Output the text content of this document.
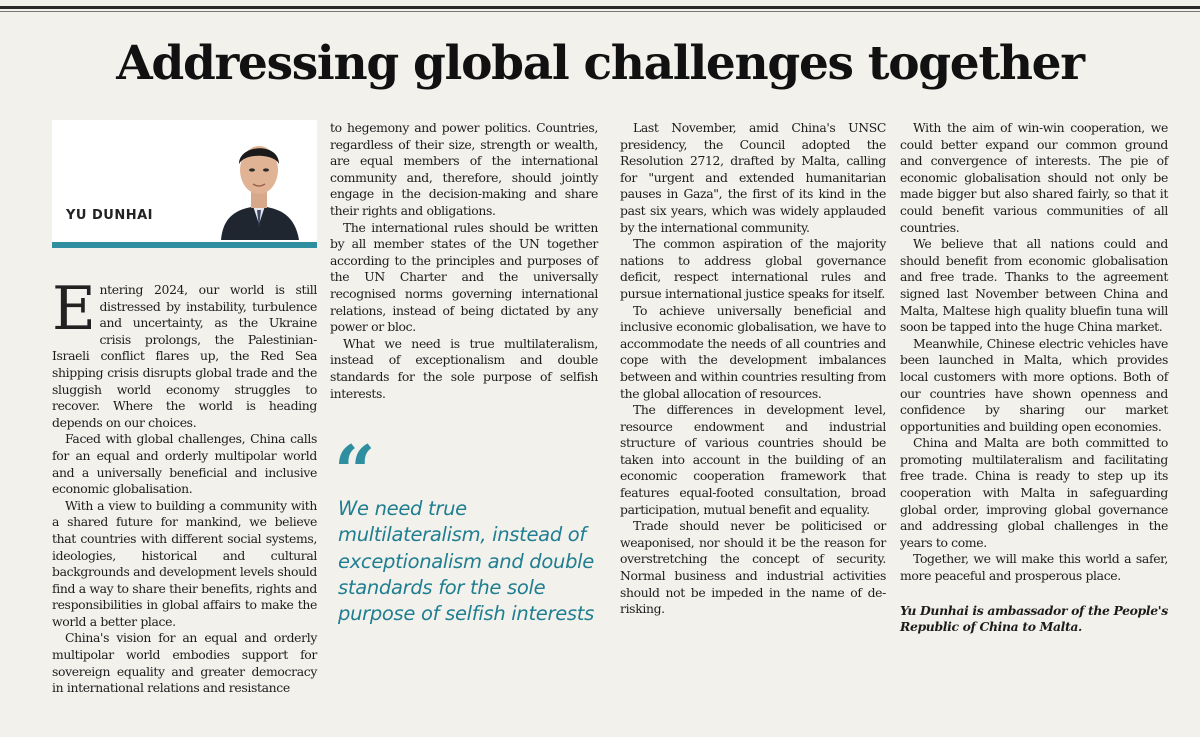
Addressing global challenges together
YU DUNHAI

Entering 2024, our world is still distressed by instability, turbulence and uncertainty, as the Ukraine crisis prolongs, the Palestinian-Israeli conflict flares up, the Red Sea shipping crisis disrupts global trade and the sluggish world economy struggles to recover. Where the world is heading depends on our choices.

Faced with global challenges, China calls for an equal and orderly multipolar world and a universally beneficial and inclusive economic globalisation.

With a view to building a community with a shared future for mankind, we believe that countries with different social systems, ideologies, historical and cultural backgrounds and development levels should find a way to share their benefits, rights and responsibilities in global affairs to make the world a better place.

China's vision for an equal and orderly multipolar world embodies support for sovereign equality and greater democracy in international relations and resistance

to hegemony and power politics. Countries, regardless of their size, strength or wealth, are equal members of the international community and, therefore, should jointly engage in the decision-making and share their rights and obligations.

The international rules should be written by all member states of the UN together according to the principles and purposes of the UN Charter and the universally recognised norms governing international relations, instead of being dictated by any power or bloc.

What we need is true multilateralism, instead of exceptionalism and double standards for the sole purpose of selfish interests.

“
We need true multilateralism, instead of exceptionalism and double standards for the sole purpose of selfish interests

Last November, amid China's UNSC presidency, the Council adopted the Resolution 2712, drafted by Malta, calling for "urgent and extended humanitarian pauses in Gaza", the first of its kind in the past six years, which was widely applauded by the international community.

The common aspiration of the majority nations to address global governance deficit, respect international rules and pursue international justice speaks for itself.

To achieve universally beneficial and inclusive economic globalisation, we have to accommodate the needs of all countries and cope with the development imbalances between and within countries resulting from the global allocation of resources.

The differences in development level, resource endowment and industrial structure of various countries should be taken into account in the building of an economic cooperation framework that features equal-footed consultation, broad participation, mutual benefit and equality.

Trade should never be politicised or weaponised, nor should it be the reason for overstretching the concept of security. Normal business and industrial activities should not be impeded in the name of de-risking.

With the aim of win-win cooperation, we could better expand our common ground and convergence of interests. The pie of economic globalisation should not only be made bigger but also shared fairly, so that it could benefit various communities of all countries.

We believe that all nations could and should benefit from economic globalisation and free trade. Thanks to the agreement signed last November between China and Malta, Maltese high quality bluefin tuna will soon be tapped into the huge China market.

Meanwhile, Chinese electric vehicles have been launched in Malta, which provides local customers with more options. Both of our countries have shown openness and confidence by sharing our market opportunities and building open economies.

China and Malta are both committed to promoting multilateralism and facilitating free trade. China is ready to step up its cooperation with Malta in safeguarding global order, improving global governance and addressing global challenges in the years to come.

Together, we will make this world a safer, more peaceful and prosperous place.

Yu Dunhai is ambassador of the People's Republic of China to Malta.
